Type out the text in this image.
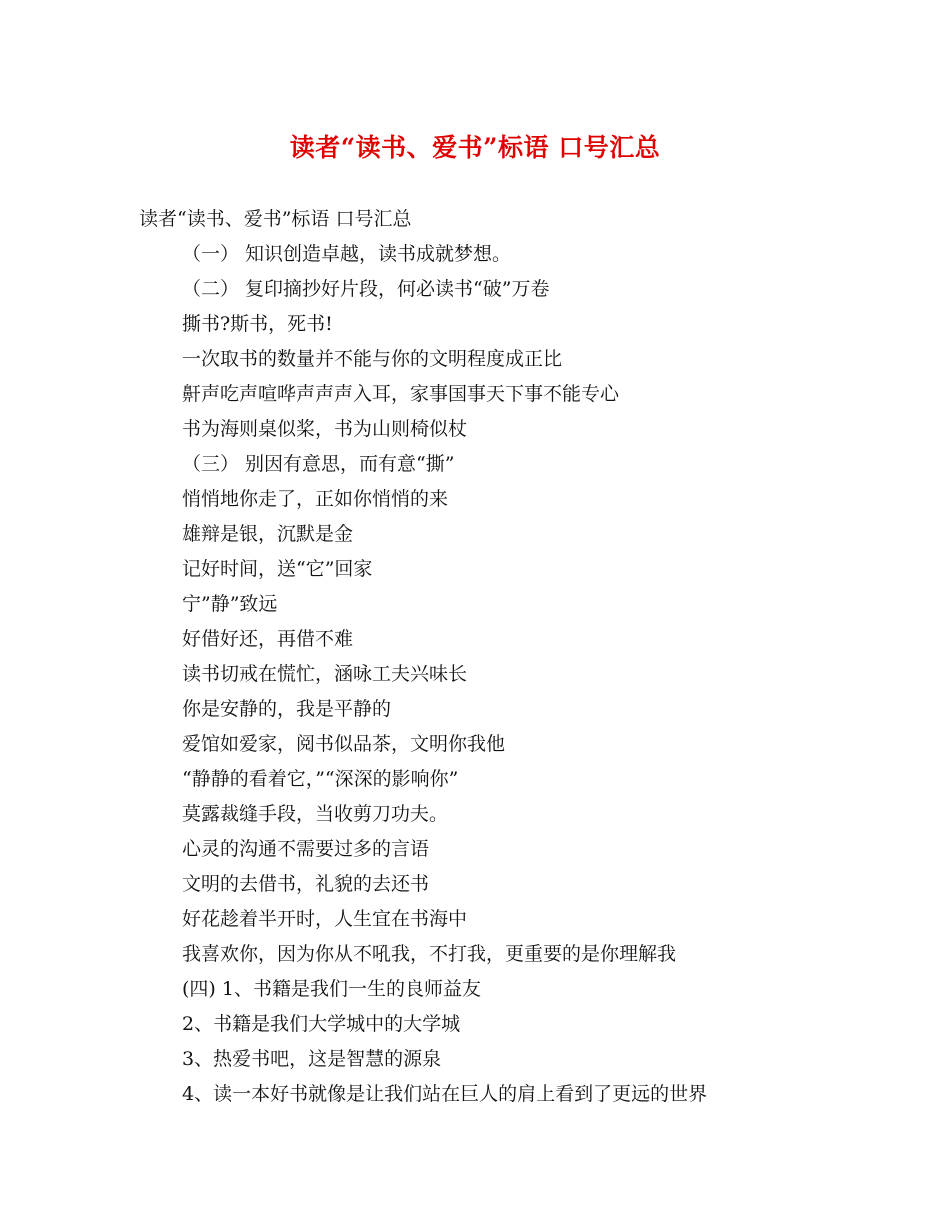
读者“读书、爱书”标语 口号汇总

读者“读书、爱书”标语 口号汇总

（一） 知识创造卓越，读书成就梦想。

（二） 复印摘抄好片段，何必读书“破”万卷

撕书?斯书，死书!

一次取书的数量并不能与你的文明程度成正比

鼾声吃声喧哗声声声入耳，家事国事天下事不能专心

书为海则桌似桨，书为山则椅似杖

（三） 别因有意思，而有意“撕”

悄悄地你走了，正如你悄悄的来

雄辩是银，沉默是金

记好时间，送“它”回家

宁”静”致远

好借好还，再借不难

读书切戒在慌忙，涵咏工夫兴味长

你是安静的，我是平静的

爱馆如爱家，阅书似品茶，文明你我他

“静静的看着它，”“深深的影响你”

莫露裁缝手段，当收剪刀功夫。

心灵的沟通不需要过多的言语

文明的去借书，礼貌的去还书

好花趁着半开时，人生宜在书海中

我喜欢你，因为你从不吼我，不打我，更重要的是你理解我

(四) 1、书籍是我们一生的良师益友

2、书籍是我们大学城中的大学城

3、热爱书吧，这是智慧的源泉

4、读一本好书就像是让我们站在巨人的肩上看到了更远的世界
